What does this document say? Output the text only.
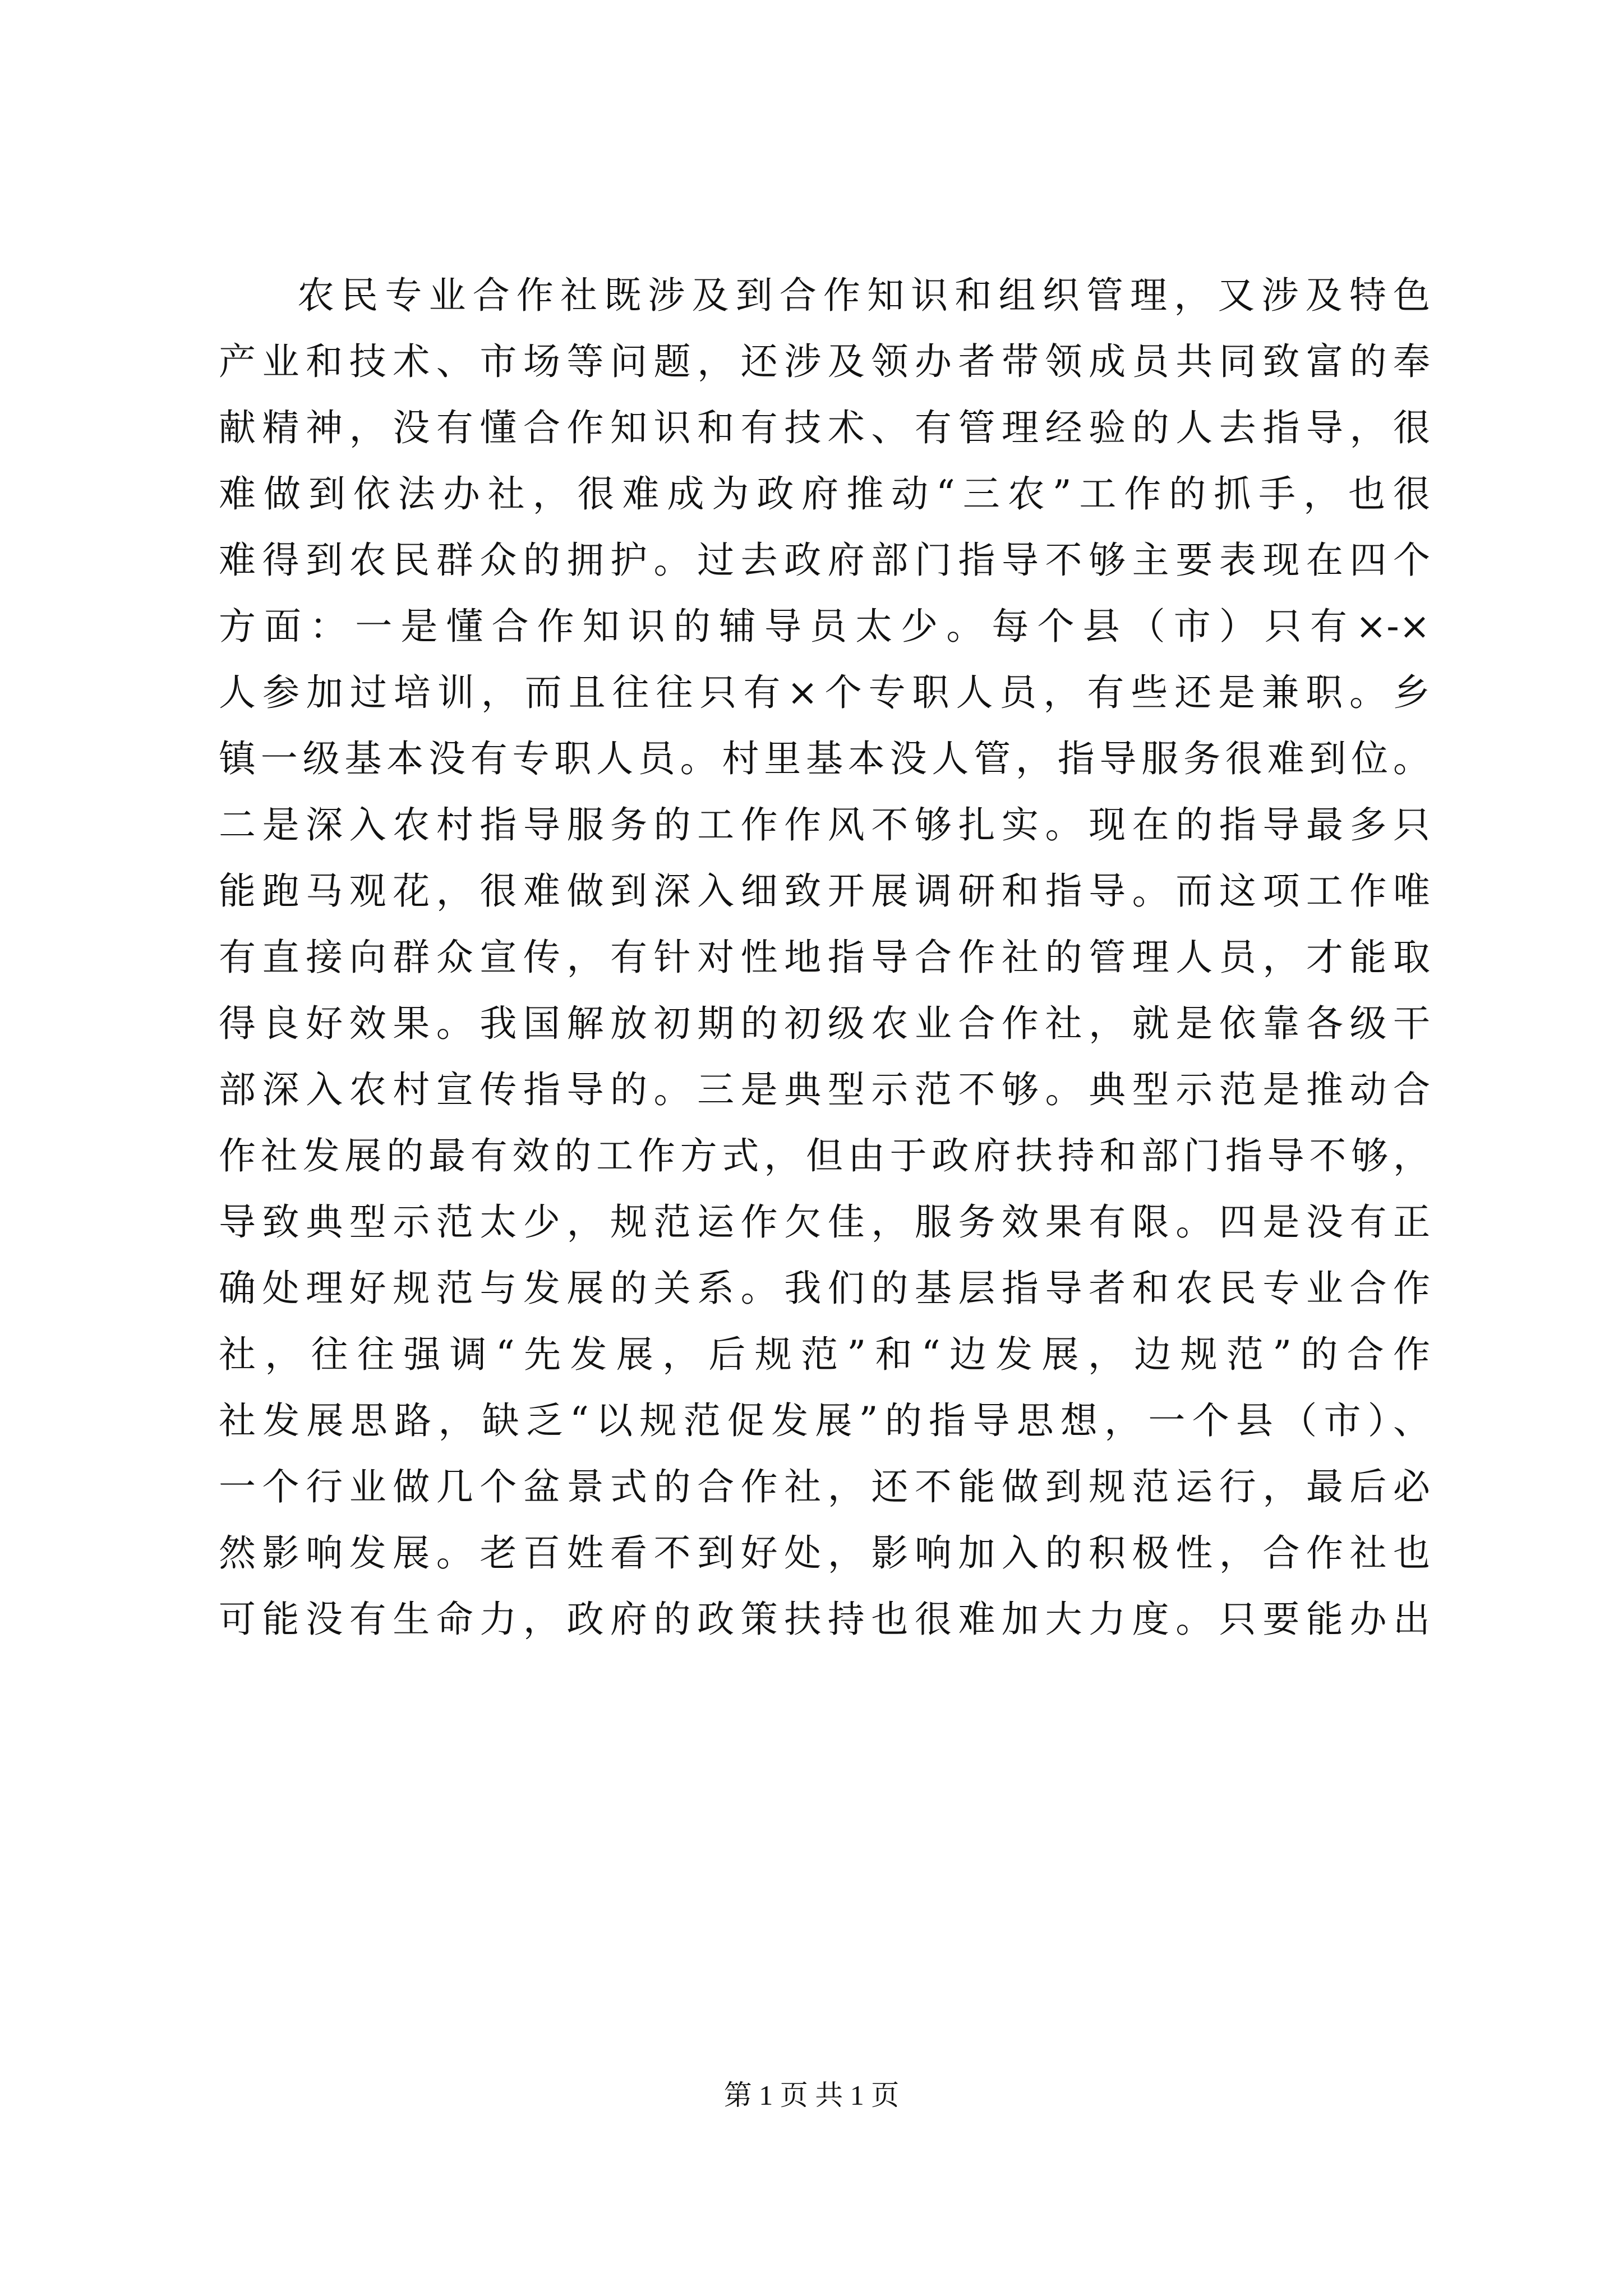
农民专业合作社既涉及到合作知识和组织管理，又涉及特色
产业和技术、市场等问题，还涉及领办者带领成员共同致富的奉
献精神，没有懂合作知识和有技术、有管理经验的人去指导，很
难做到依法办社，很难成为政府推动“三农”工作的抓手，也很
难得到农民群众的拥护。过去政府部门指导不够主要表现在四个
方面：一是懂合作知识的辅导员太少。每个县（市）只有×-×
人参加过培训，而且往往只有×个专职人员，有些还是兼职。乡
镇一级基本没有专职人员。村里基本没人管，指导服务很难到位。
二是深入农村指导服务的工作作风不够扎实。现在的指导最多只
能跑马观花，很难做到深入细致开展调研和指导。而这项工作唯
有直接向群众宣传，有针对性地指导合作社的管理人员，才能取
得良好效果。我国解放初期的初级农业合作社，就是依靠各级干
部深入农村宣传指导的。三是典型示范不够。典型示范是推动合
作社发展的最有效的工作方式，但由于政府扶持和部门指导不够，
导致典型示范太少，规范运作欠佳，服务效果有限。四是没有正
确处理好规范与发展的关系。我们的基层指导者和农民专业合作
社，往往强调“先发展，后规范”和“边发展，边规范”的合作
社发展思路，缺乏“以规范促发展”的指导思想，一个县（市）、
一个行业做几个盆景式的合作社，还不能做到规范运行，最后必
然影响发展。老百姓看不到好处，影响加入的积极性，合作社也
可能没有生命力，政府的政策扶持也很难加大力度。只要能办出
第 1 页 共 1 页
